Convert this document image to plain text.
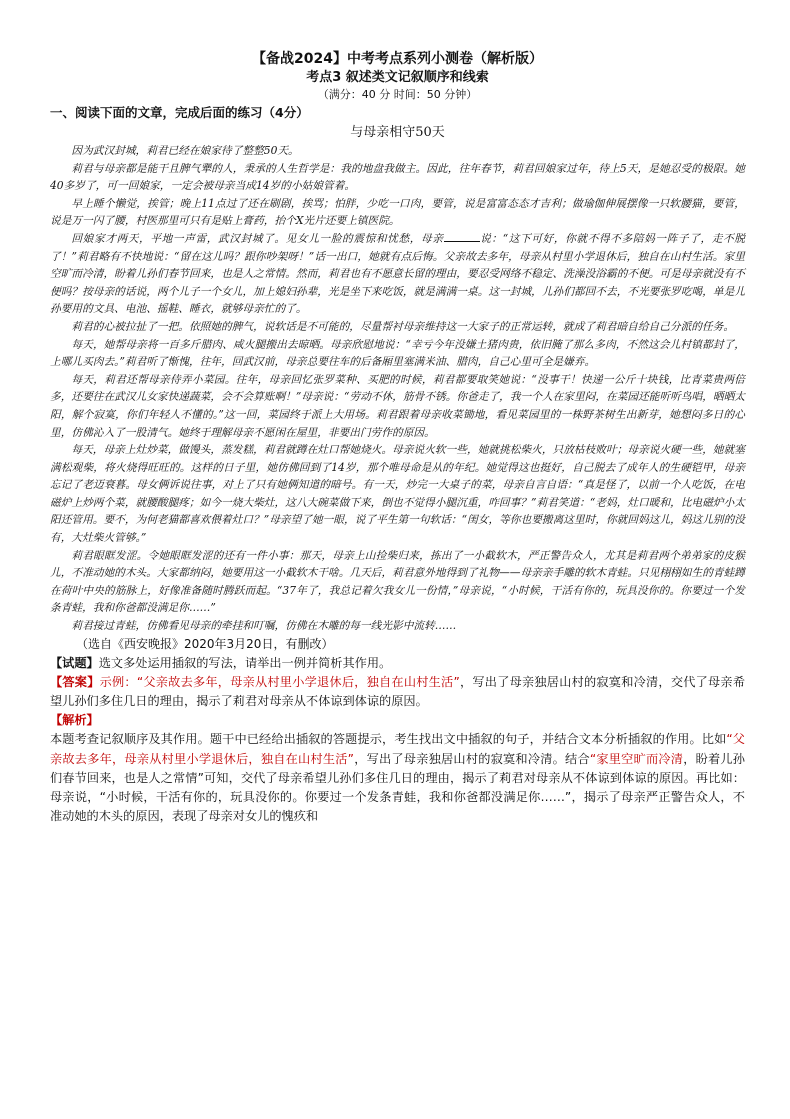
【备战2024】中考考点系列小测卷（解析版）
考点3 叙述类文记叙顺序和线索
（满分：40 分 时间：50 分钟）
一、阅读下面的文章，完成后面的练习（4分）
与母亲相守50天

因为武汉封城，莉君已经在娘家待了整整50天。

莉君与母亲都是能干且脾气犟的人，秉承的人生哲学是：我的地盘我做主。因此，往年春节，莉君回娘家过年，待上5天，是她忍受的极限。她40多岁了，可一回娘家，一定会被母亲当成14岁的小姑娘管着。

早上睡个懒觉，挨管；晚上11点过了还在刷剧，挨骂；怕胖，少吃一口肉，要管，说是富富态态才吉利；做瑜伽伸展摆像一只软腰猫，要管，说是万一闪了腰，村医那里可只有是贴上膏药，抬个X光片还要上镇医院。

回娘家才两天，平地一声雷，武汉封城了。见女儿一脸的震惊和忧愁，母亲	说：“这下可好，你就不得不多陪妈一阵子了，走不脱了！”莉君略有不快地说：“留在这儿吗？跟你吵架呀！”话一出口，她就有点后悔。父亲故去多年，母亲从村里小学退休后，独自在山村生活。家里空旷而冷清，盼着儿孙们春节回来，也是人之常情。然而，莉君也有不愿意长留的理由，要忍受网络不稳定、洗澡没浴霸的不便。可是母亲就没有不便吗？按母亲的话说，两个儿子一个女儿，加上媳妇孙辈，光是坐下来吃饭，就是满满一桌。这一封城，儿孙们都回不去，不光要张罗吃喝，单是儿孙要用的文具、电池、摇鞋、睡衣，就够母亲忙的了。

莉君的心被拉扯了一把。依照她的脾气，说软话是不可能的，尽量帮衬母亲维持这一大家子的正常运转，就成了莉君暗自给自己分派的任务。

每天，她帮母亲将一百多斤腊肉、咸火腿搬出去晾晒。母亲欣慰地说：“幸亏今年没嫌土猪肉贵，依旧腌了那么多肉，不然这会儿村镇都封了，上哪儿买肉去。”莉君听了惭愧，往年，回武汉前，母亲总要往车的后备厢里塞满米油、腊肉，自己心里可全是嫌弃。

每天，莉君还帮母亲侍弄小菜园。往年，母亲回忆张罗菜种、买肥的时候，莉君都要取笑她说：“没事干！快递一公斤十块钱，比青菜贵两倍多，还要往在武汉儿女家快递蔬菜，会不会算账啊！”母亲说：“劳动不休，筋骨不锈。你爸走了，我一个人在家里闷，在菜园还能听听鸟唱，晒晒太阳，解个寂寞，你们年轻人不懂的。”这一回，菜园终于派上大用场。莉君跟着母亲收菜锄地，看见菜园里的一株野茶树生出新芽，她想闷多日的心里，仿佛沁入了一股清气。她终于理解母亲不愿闲在屋里，非要出门劳作的原因。

每天，母亲上灶炒菜，做馒头，蒸发糕，莉君就蹲在灶口帮她烧火。母亲说火软一些，她就挑松柴火，只放枯枝败叶；母亲说火硬一些，她就塞满松观柴，将火烧得旺旺的。这样的日子里，她仿佛回到了14岁，那个唯母命是从的年纪。她觉得这也挺好，自己脱去了成年人的生硬铠甲，母亲忘记了老迈衰暮。母女俩诉说往事，对上了只有她俩知道的暗号。有一天，炒完一大桌子的菜，母亲自言自语：“真是怪了，以前一个人吃饭，在电磁炉上炒两个菜，就腰酸腿疼；如今一烧大柴灶，这八大碗菜做下来，倒也不觉得小腿沉重，咋回事？”莉君笑道：“老妈，灶口暖和，比电磁炉小太阳还管用。要不，为何老猫都喜欢偎着灶口？”母亲望了她一眼，说了平生第一句软话：“闺女，等你也要搬离这里时，你就回妈这儿，妈这儿别的没有，大灶柴火管够。”

莉君眼眶发涩。令她眼眶发涩的还有一件小事：那天，母亲上山捡柴归来，拣出了一小截软木，严正警告众人，尤其是莉君两个弟弟家的皮猴儿，不准动她的木头。大家都纳闷，她要用这一小截软木干啥。几天后，莉君意外地得到了礼物——母亲亲手雕的软木青蛙。只见栩栩如生的青蛙蹲在荷叶中央的筋脉上，好像准备随时腾跃而起。“37年了，我总记着欠我女儿一份情，”母亲说，“小时候，干活有你的，玩具没你的。你要过一个发条青蛙，我和你爸都没满足你……”

莉君接过青蛙，仿佛看见母亲的牵挂和叮嘱，仿佛在木雕的每一线光影中流转……

（选自《西安晚报》2020年3月20日，有删改）

【试题】选文多处运用插叙的写法，请举出一例并简析其作用。

【答案】示例：“父亲故去多年，母亲从村里小学退休后，独自在山村生活”，写出了母亲独居山村的寂寞和冷清，交代了母亲希望儿孙们多住几日的理由，揭示了莉君对母亲从不体谅到体谅的原因。

【解析】

本题考查记叙顺序及其作用。题干中已经给出插叙的答题提示，考生找出文中插叙的句子，并结合文本分析插叙的作用。比如“父亲故去多年，母亲从村里小学退休后，独自在山村生活”，写出了母亲独居山村的寂寞和冷清。结合“家里空旷而冷清，盼着儿孙们春节回来，也是人之常情”可知，交代了母亲希望儿孙们多住几日的理由，揭示了莉君对母亲从不体谅到体谅的原因。再比如：母亲说，“小时候，干活有你的，玩具没你的。你要过一个发条青蛙，我和你爸都没满足你……”，揭示了母亲严正警告众人，不准动她的木头的原因，表现了母亲对女儿的愧疚和
